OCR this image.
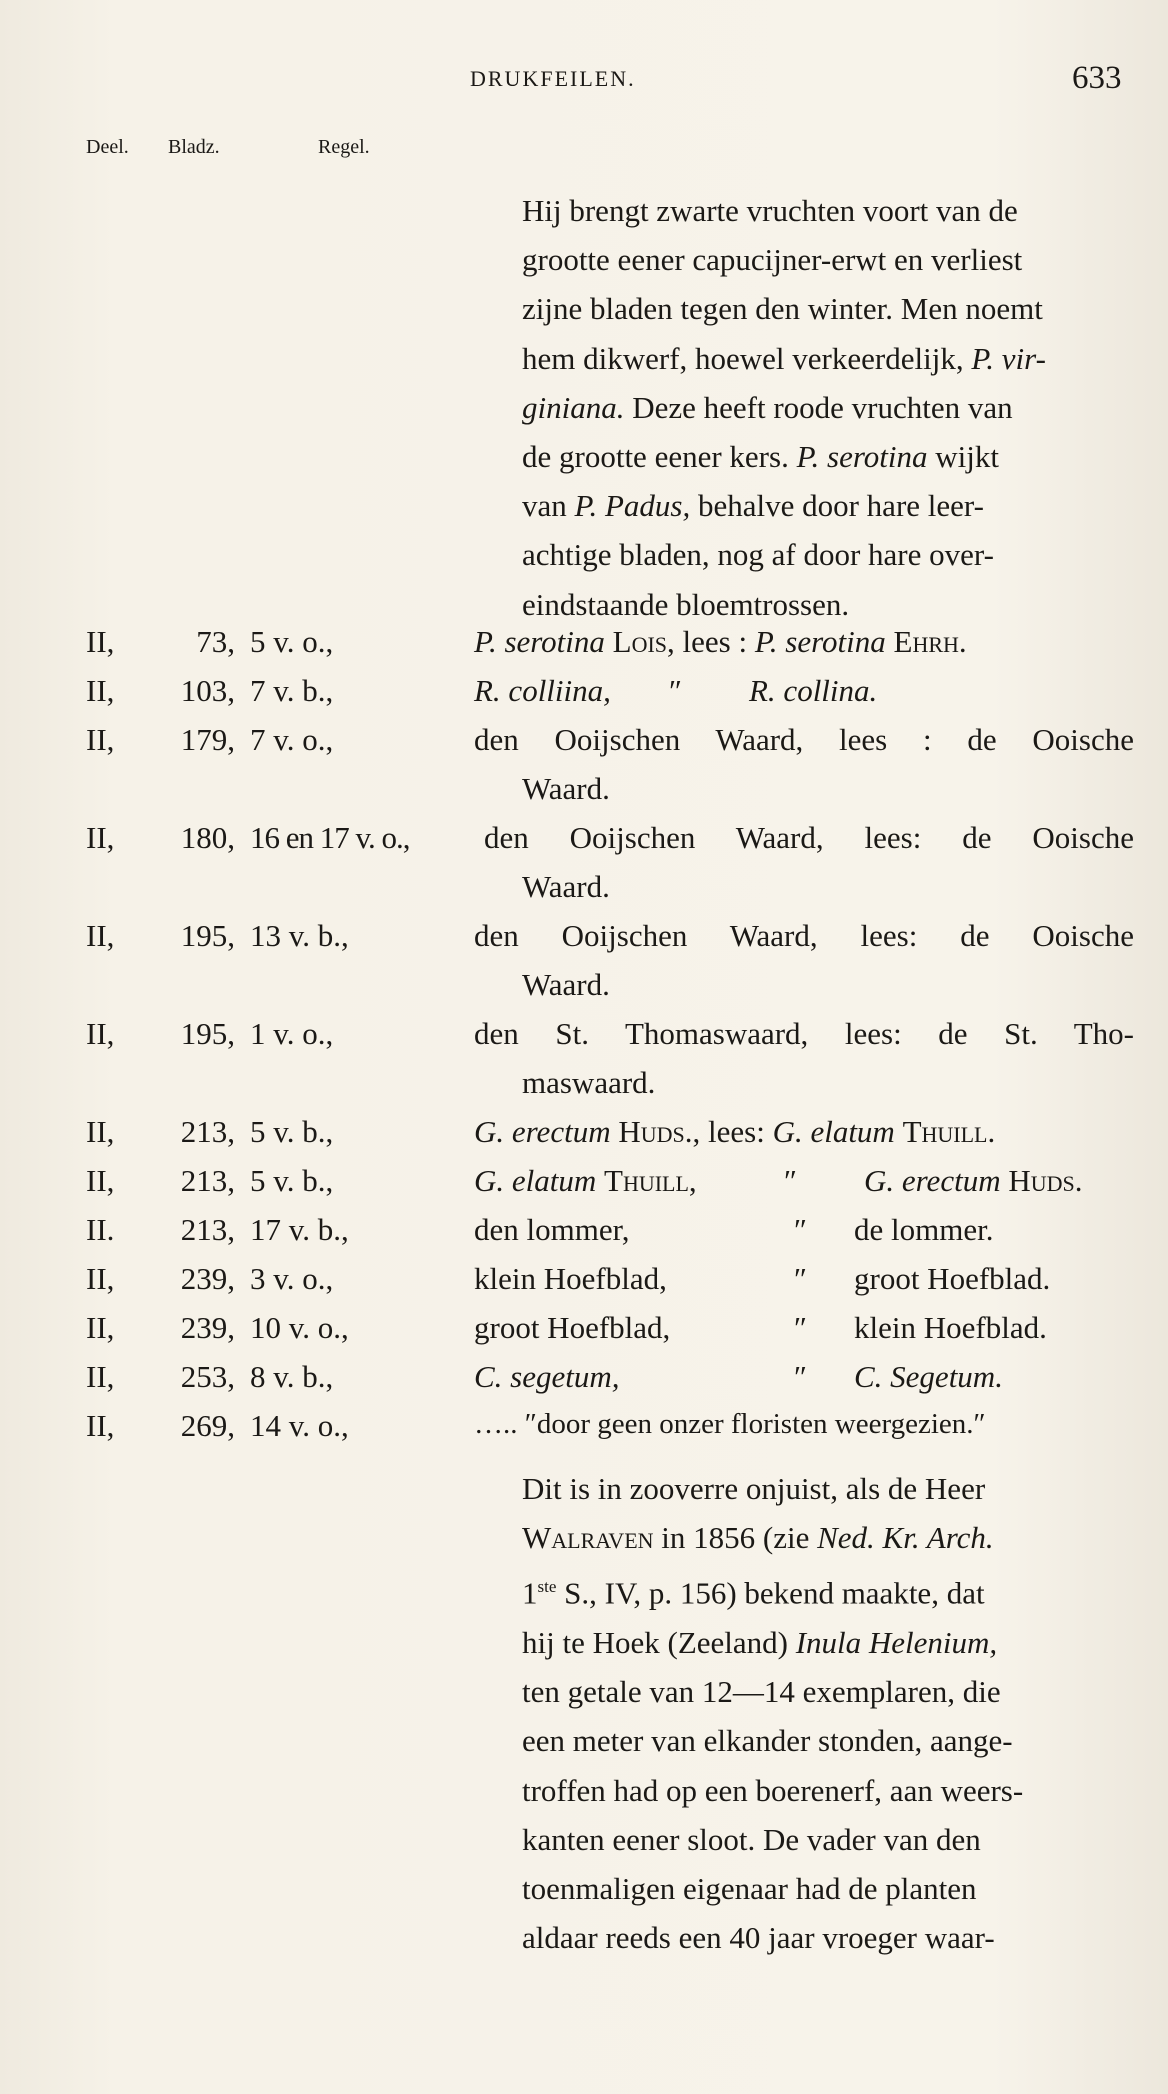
DRUKFEILEN.	633
Deel. Bladz.	Regel.
Hij brengt zwarte vruchten voort van de
grootte eener capucijner-erwt en verliest
zijne bladen tegen den winter. Men noemt
hem dikwerf, hoewel verkeerdelijk, P. vir-
giniana. Deze heeft roode vruchten van
de grootte eener kers. P. serotina wijkt
van P. Padus, behalve door hare leer-
achtige bladen, nog af door hare over-
eindstaande bloemtrossen.
II,	73, 5 v. o.,	P. serotina Lois, lees : P. serotina Ehrh.
II,	103, 7 v. b.,	R. colliina, ″ R. collina.
II,	179, 7 v. o.,	den Ooijschen Waard, lees : de Ooische
Waard.
II,	180, 16 en 17 v. o.,	den Ooijschen Waard, lees: de Ooische
Waard.
II,	195, 13 v. b.,	den Ooijschen Waard, lees: de Ooische
Waard.
II,	195, 1 v. o.,	den St. Thomaswaard, lees: de St. Tho-
maswaard.
II,	213, 5 v. b.,	G. erectum Huds., lees: G. elatum Thuill.
II,	213, 5 v. b.,	G. elatum Thuill,	″ G. erectum Huds.
II.	213, 17 v. b.,	den lommer,	″ de lommer.
II,	239, 3 v. o.,	klein Hoefblad,	″ groot Hoefblad.
II,	239, 10 v. o.,	groot Hoefblad,	″ klein Hoefblad.
II,	253, 8 v. b.,	C. segetum,	″ C. Segetum.
II,	269, 14 v. o.,	….. ″door geen onzer floristen weergezien.″
Dit is in zooverre onjuist, als de Heer
Walraven in 1856 (zie Ned. Kr. Arch.
1ste S., IV, p. 156) bekend maakte, dat
hij te Hoek (Zeeland) Inula Helenium,
ten getale van 12—14 exemplaren, die
een meter van elkander stonden, aange-
troffen had op een boerenerf, aan weers-
kanten eener sloot. De vader van den
toenmaligen eigenaar had de planten
aldaar reeds een 40 jaar vroeger waar-
